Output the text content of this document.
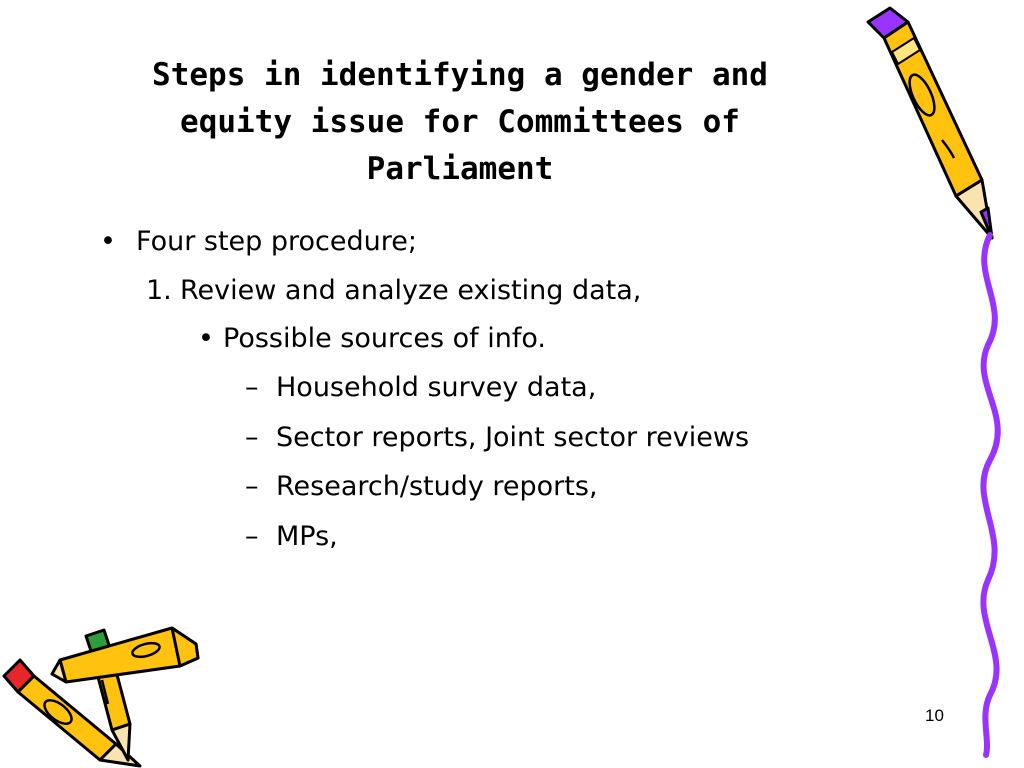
Steps in identifying a gender and equity issue for Committees of Parliament
• Four step procedure;
1. Review and analyze existing data,
• Possible sources of info.
– Household survey data,
– Sector reports, Joint sector reviews
– Research/study reports,
– MPs,
10
